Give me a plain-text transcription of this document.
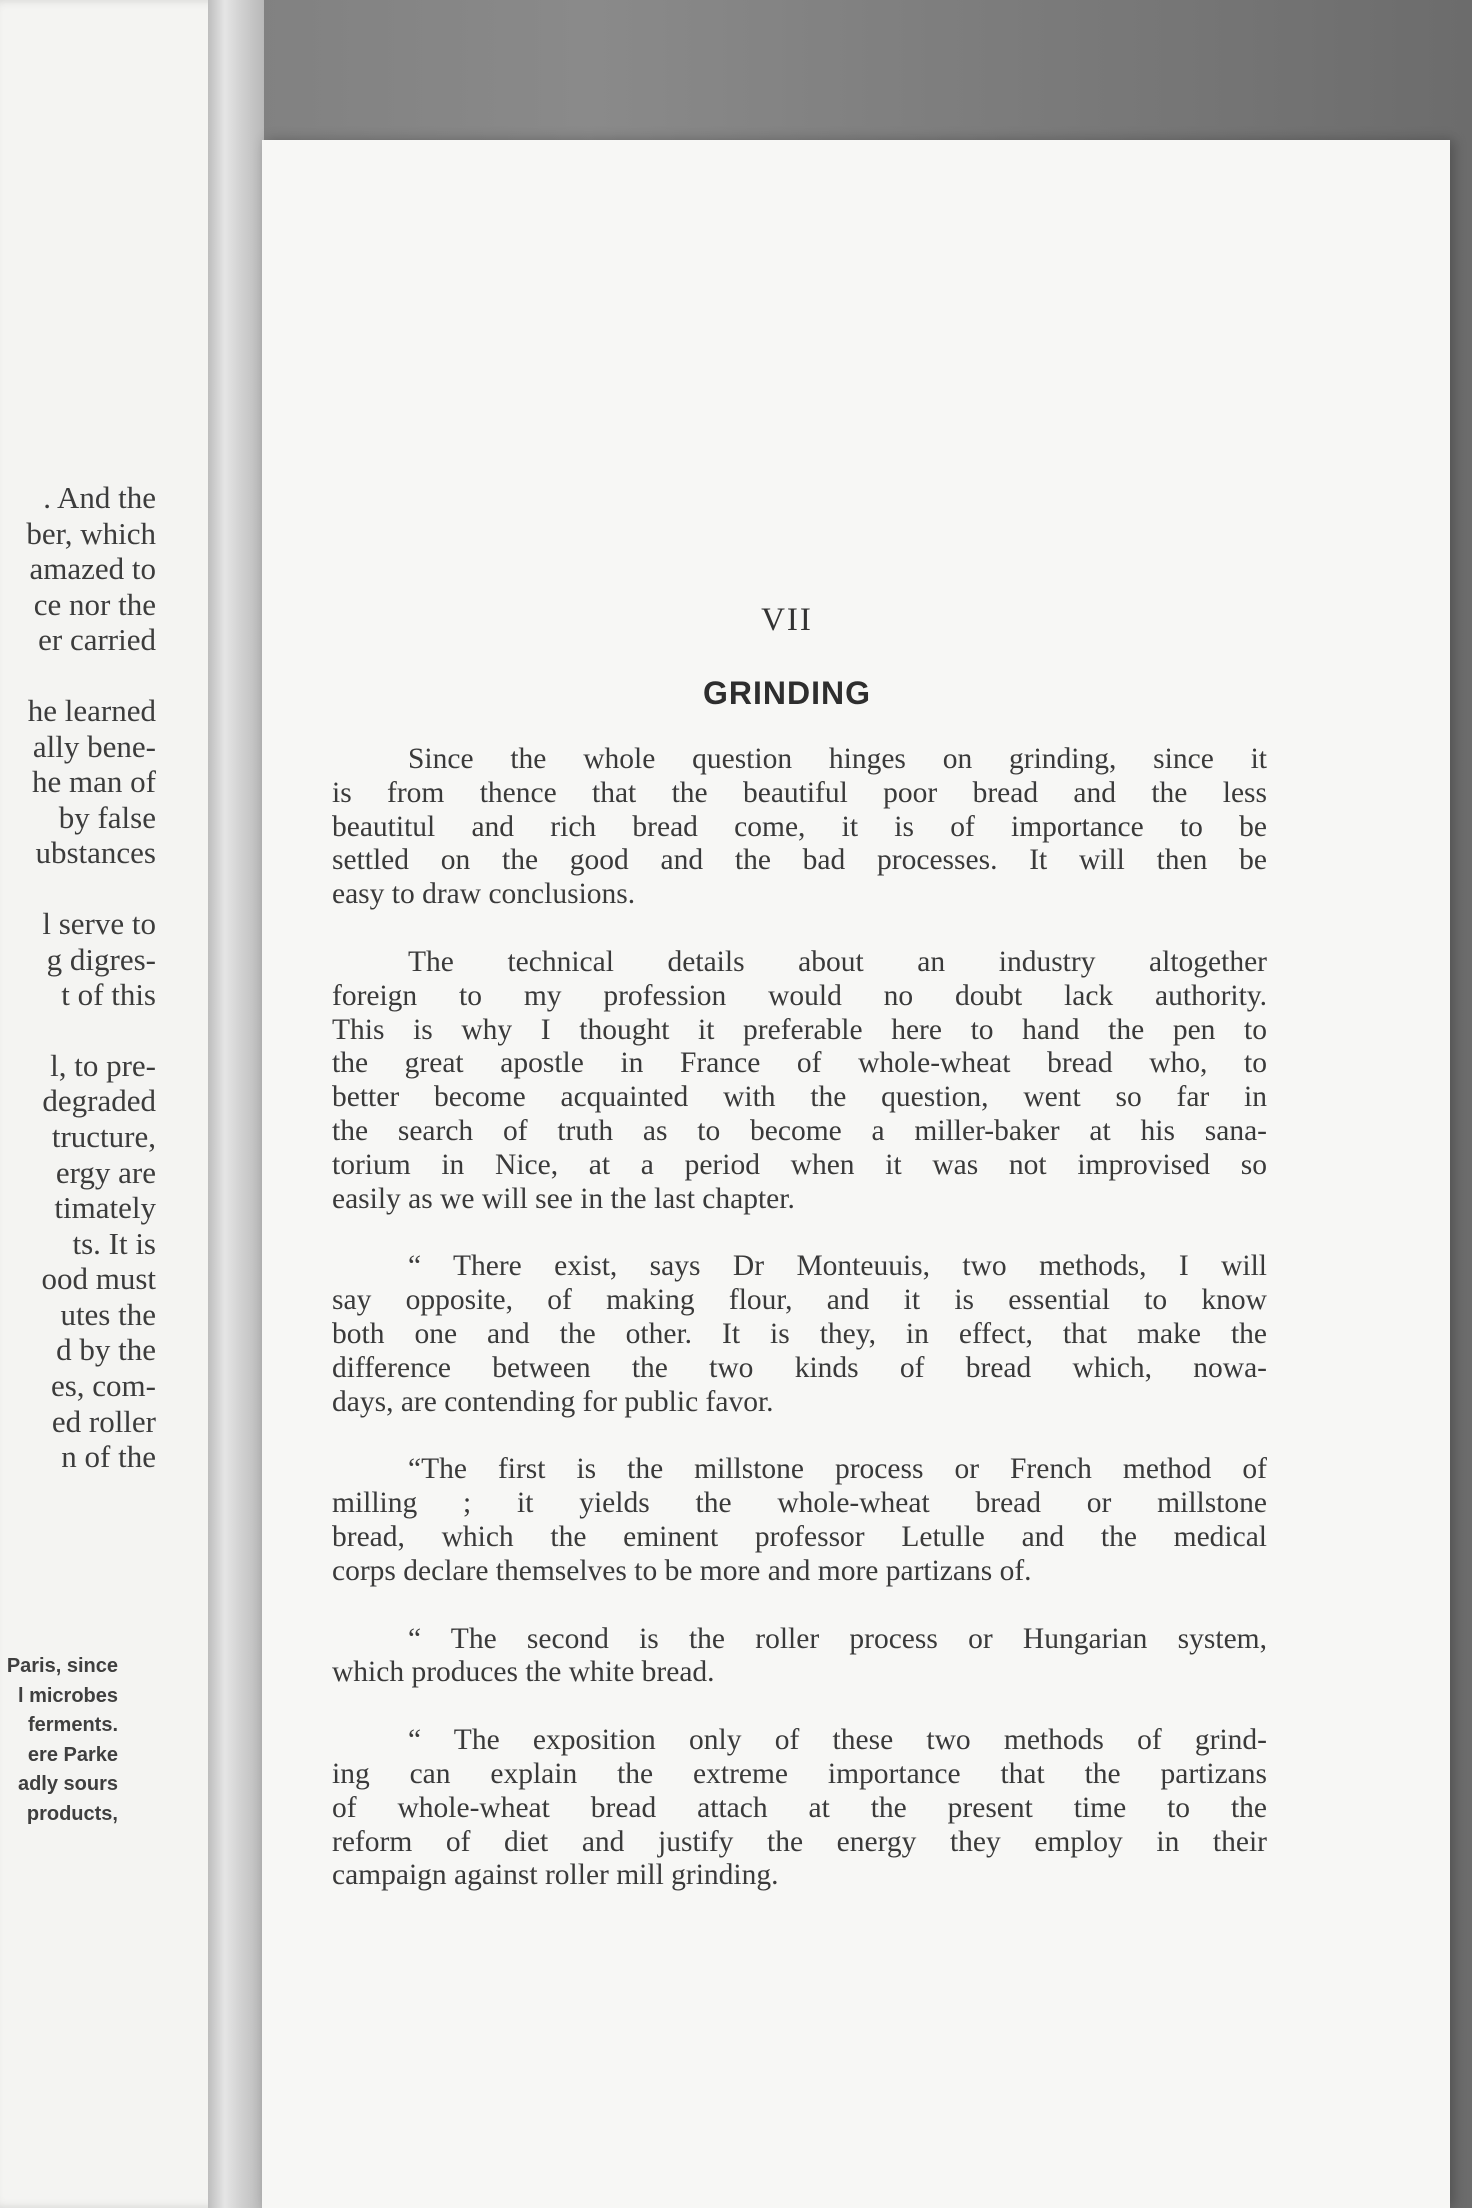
. And the
ber, which
amazed to
ce nor the
er carried
he learned
ally bene-
he man of
by false
ubstances
l serve to
g digres-
t of this
l, to pre-
degraded
tructure,
ergy are
timately
ts. It is
ood must
utes the
d by the
es, com-
ed roller
n of the
Paris, since
l microbes
ferments.
ere Parke
adly sours
products,
VII
GRINDING
Since the whole question hinges on grinding, since it
is from thence that the beautiful poor bread and the less
beautitul and rich bread come, it is of importance to be
settled on the good and the bad processes. It will then be
easy to draw conclusions.
The technical details about an industry altogether
foreign to my profession would no doubt lack authority.
This is why I thought it preferable here to hand the pen to
the great apostle in France of whole-wheat bread who, to
better become acquainted with the question, went so far in
the search of truth as to become a miller-baker at his sana-
torium in Nice, at a period when it was not improvised so
easily as we will see in the last chapter.
“ There exist, says Dr Monteuuis, two methods, I will
say opposite, of making flour, and it is essential to know
both one and the other. It is they, in effect, that make the
difference between the two kinds of bread which, nowa-
days, are contending for public favor.
“The first is the millstone process or French method of
milling ; it yields the whole-wheat bread or millstone
bread, which the eminent professor Letulle and the medical
corps declare themselves to be more and more partizans of.
“ The second is the roller process or Hungarian system,
which produces the white bread.
“ The exposition only of these two methods of grind-
ing can explain the extreme importance that the partizans
of whole-wheat bread attach at the present time to the
reform of diet and justify the energy they employ in their
campaign against roller mill grinding.
